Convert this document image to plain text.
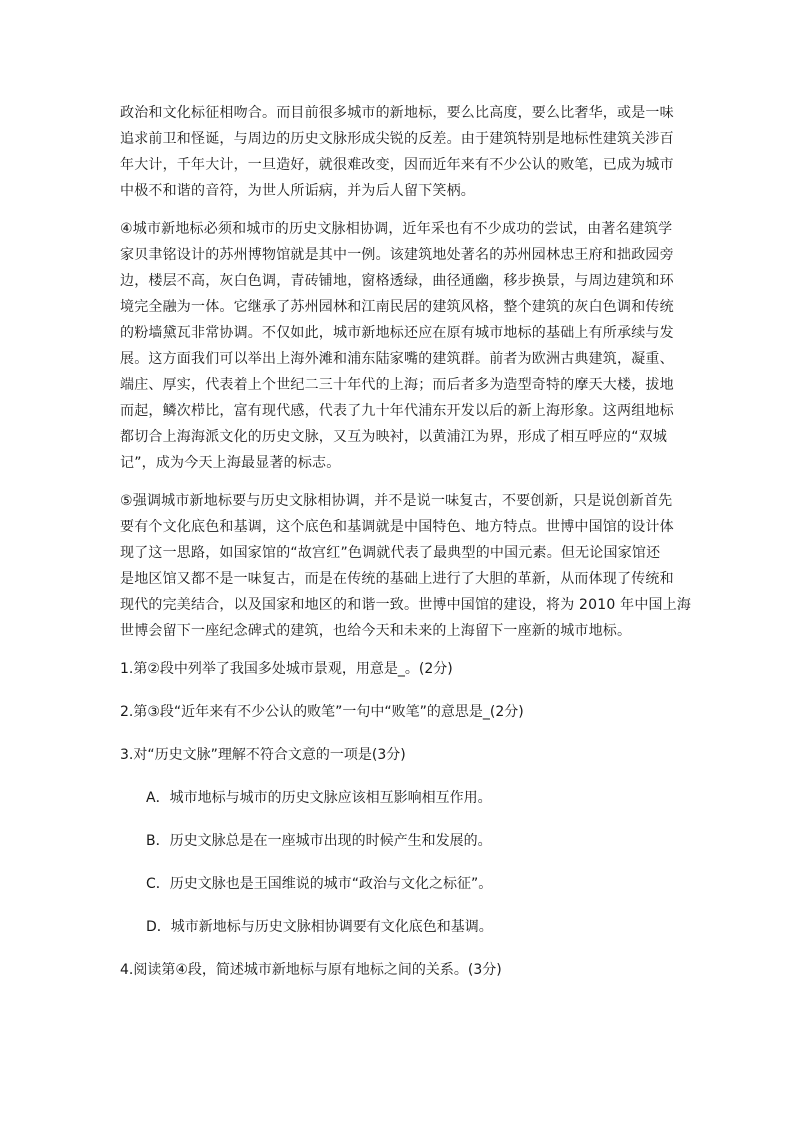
政治和文化标征相吻合。而目前很多城市的新地标，要么比高度，要么比奢华，或是一味
追求前卫和怪诞，与周边的历史文脉形成尖锐的反差。由于建筑特别是地标性建筑关涉百
年大计，千年大计，一旦造好，就很难改变，因而近年来有不少公认的败笔，已成为城市
中极不和谐的音符，为世人所诟病，并为后人留下笑柄。
④城市新地标必须和城市的历史文脉相协调，近年采也有不少成功的尝试，由著名建筑学
家贝聿铭设计的苏州博物馆就是其中一例。该建筑地处著名的苏州园林忠王府和拙政园旁
边，楼层不高，灰白色调，青砖铺地，窗格透绿，曲径通幽，移步换景，与周边建筑和环
境完全融为一体。它继承了苏州园林和江南民居的建筑风格，整个建筑的灰白色调和传统
的粉墙黛瓦非常协调。不仅如此，城市新地标还应在原有城市地标的基础上有所承续与发
展。这方面我们可以举出上海外滩和浦东陆家嘴的建筑群。前者为欧洲古典建筑，凝重、
端庄、厚实，代表着上个世纪二三十年代的上海；而后者多为造型奇特的摩天大楼，拔地
而起，鳞次栉比，富有现代感，代表了九十年代浦东开发以后的新上海形象。这两组地标
都切合上海海派文化的历史文脉，又互为映衬，以黄浦江为界，形成了相互呼应的“双城
记”，成为今天上海最显著的标志。
⑤强调城市新地标要与历史文脉相协调，并不是说一味复古，不要创新，只是说创新首先
要有个文化底色和基调，这个底色和基调就是中国特色、地方特点。世博中国馆的设计体
现了这一思路，如国家馆的“故宫红”色调就代表了最典型的中国元素。但无论国家馆还
是地区馆又都不是一味复古，而是在传统的基础上进行了大胆的革新，从而体现了传统和
现代的完美结合，以及国家和地区的和谐一致。世博中国馆的建设，将为 2010 年中国上海
世博会留下一座纪念碑式的建筑，也给今天和未来的上海留下一座新的城市地标。
1.第②段中列举了我国多处城市景观，用意是_。(2分)
2.第③段“近年来有不少公认的败笔”一句中“败笔”的意思是_(2分)
3.对“历史文脉”理解不符合文意的一项是(3分)
A．城市地标与城市的历史文脉应该相互影响相互作用。
B．历史文脉总是在一座城市出现的时候产生和发展的。
C．历史文脉也是王国维说的城市“政治与文化之标征”。
D．城市新地标与历史文脉相协调要有文化底色和基调。
4.阅读第④段，简述城市新地标与原有地标之间的关系。(3分)
